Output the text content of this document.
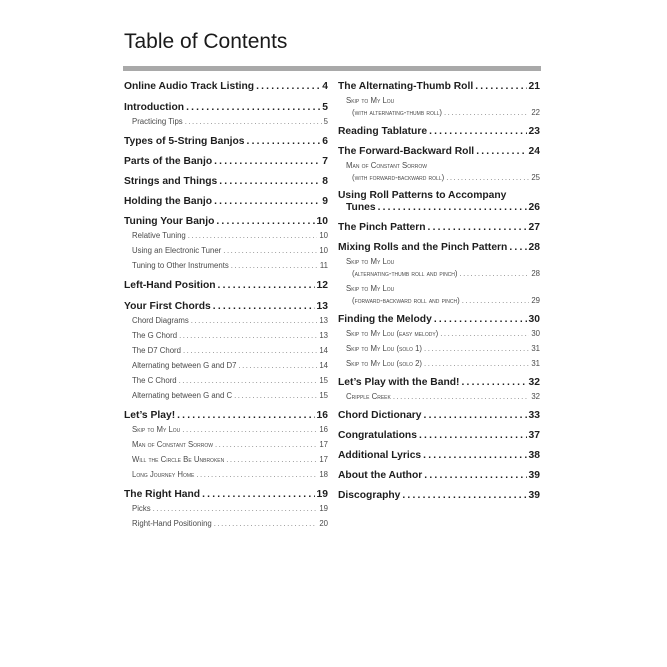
Table of Contents
Online Audio Track Listing .....	4
Introduction .....	5
Practicing Tips .....	5
Types of 5-String Banjos .....	6
Parts of the Banjo .....	7
Strings and Things .....	8
Holding the Banjo .....	9
Tuning Your Banjo .....	10
Relative Tuning .....	10
Using an Electronic Tuner .....	10
Tuning to Other Instruments .....	11
Left-Hand Position .....	12
Your First Chords .....	13
Chord Diagrams .....	13
The G Chord .....	13
The D7 Chord .....	14
Alternating between G and D7 .....	14
The C Chord .....	15
Alternating between G and C .....	15
Let’s Play! .....	16
Skip to My Lou .....	16
Man of Constant Sorrow .....	17
Will the Circle Be Unbroken .....	17
Long Journey Home .....	18
The Right Hand .....	19
Picks .....	19
Right-Hand Positioning .....	20
The Alternating-Thumb Roll .....	21
Skip to My Lou
(with alternating-thumb roll) .....	22
Reading Tablature .....	23
The Forward-Backward Roll .....	24
Man of Constant Sorrow
(with forward-backward roll) .....	25
Using Roll Patterns to Accompany
Tunes .....	26
The Pinch Pattern .....	27
Mixing Rolls and the Pinch Pattern ..... 28
Skip to My Lou
(alternating-thumb roll and pinch) .....	28
Skip to My Lou
(forward-backward roll and pinch) .....	29
Finding the Melody .....	30
Skip to My Lou (easy melody) .....	30
Skip to My Lou (solo 1) .....	31
Skip to My Lou (solo 2) .....	31
Let’s Play with the Band! .....	32
Cripple Creek .....	32
Chord Dictionary .....	33
Congratulations .....	37
Additional Lyrics .....	38
About the Author .....	39
Discography .....	39
